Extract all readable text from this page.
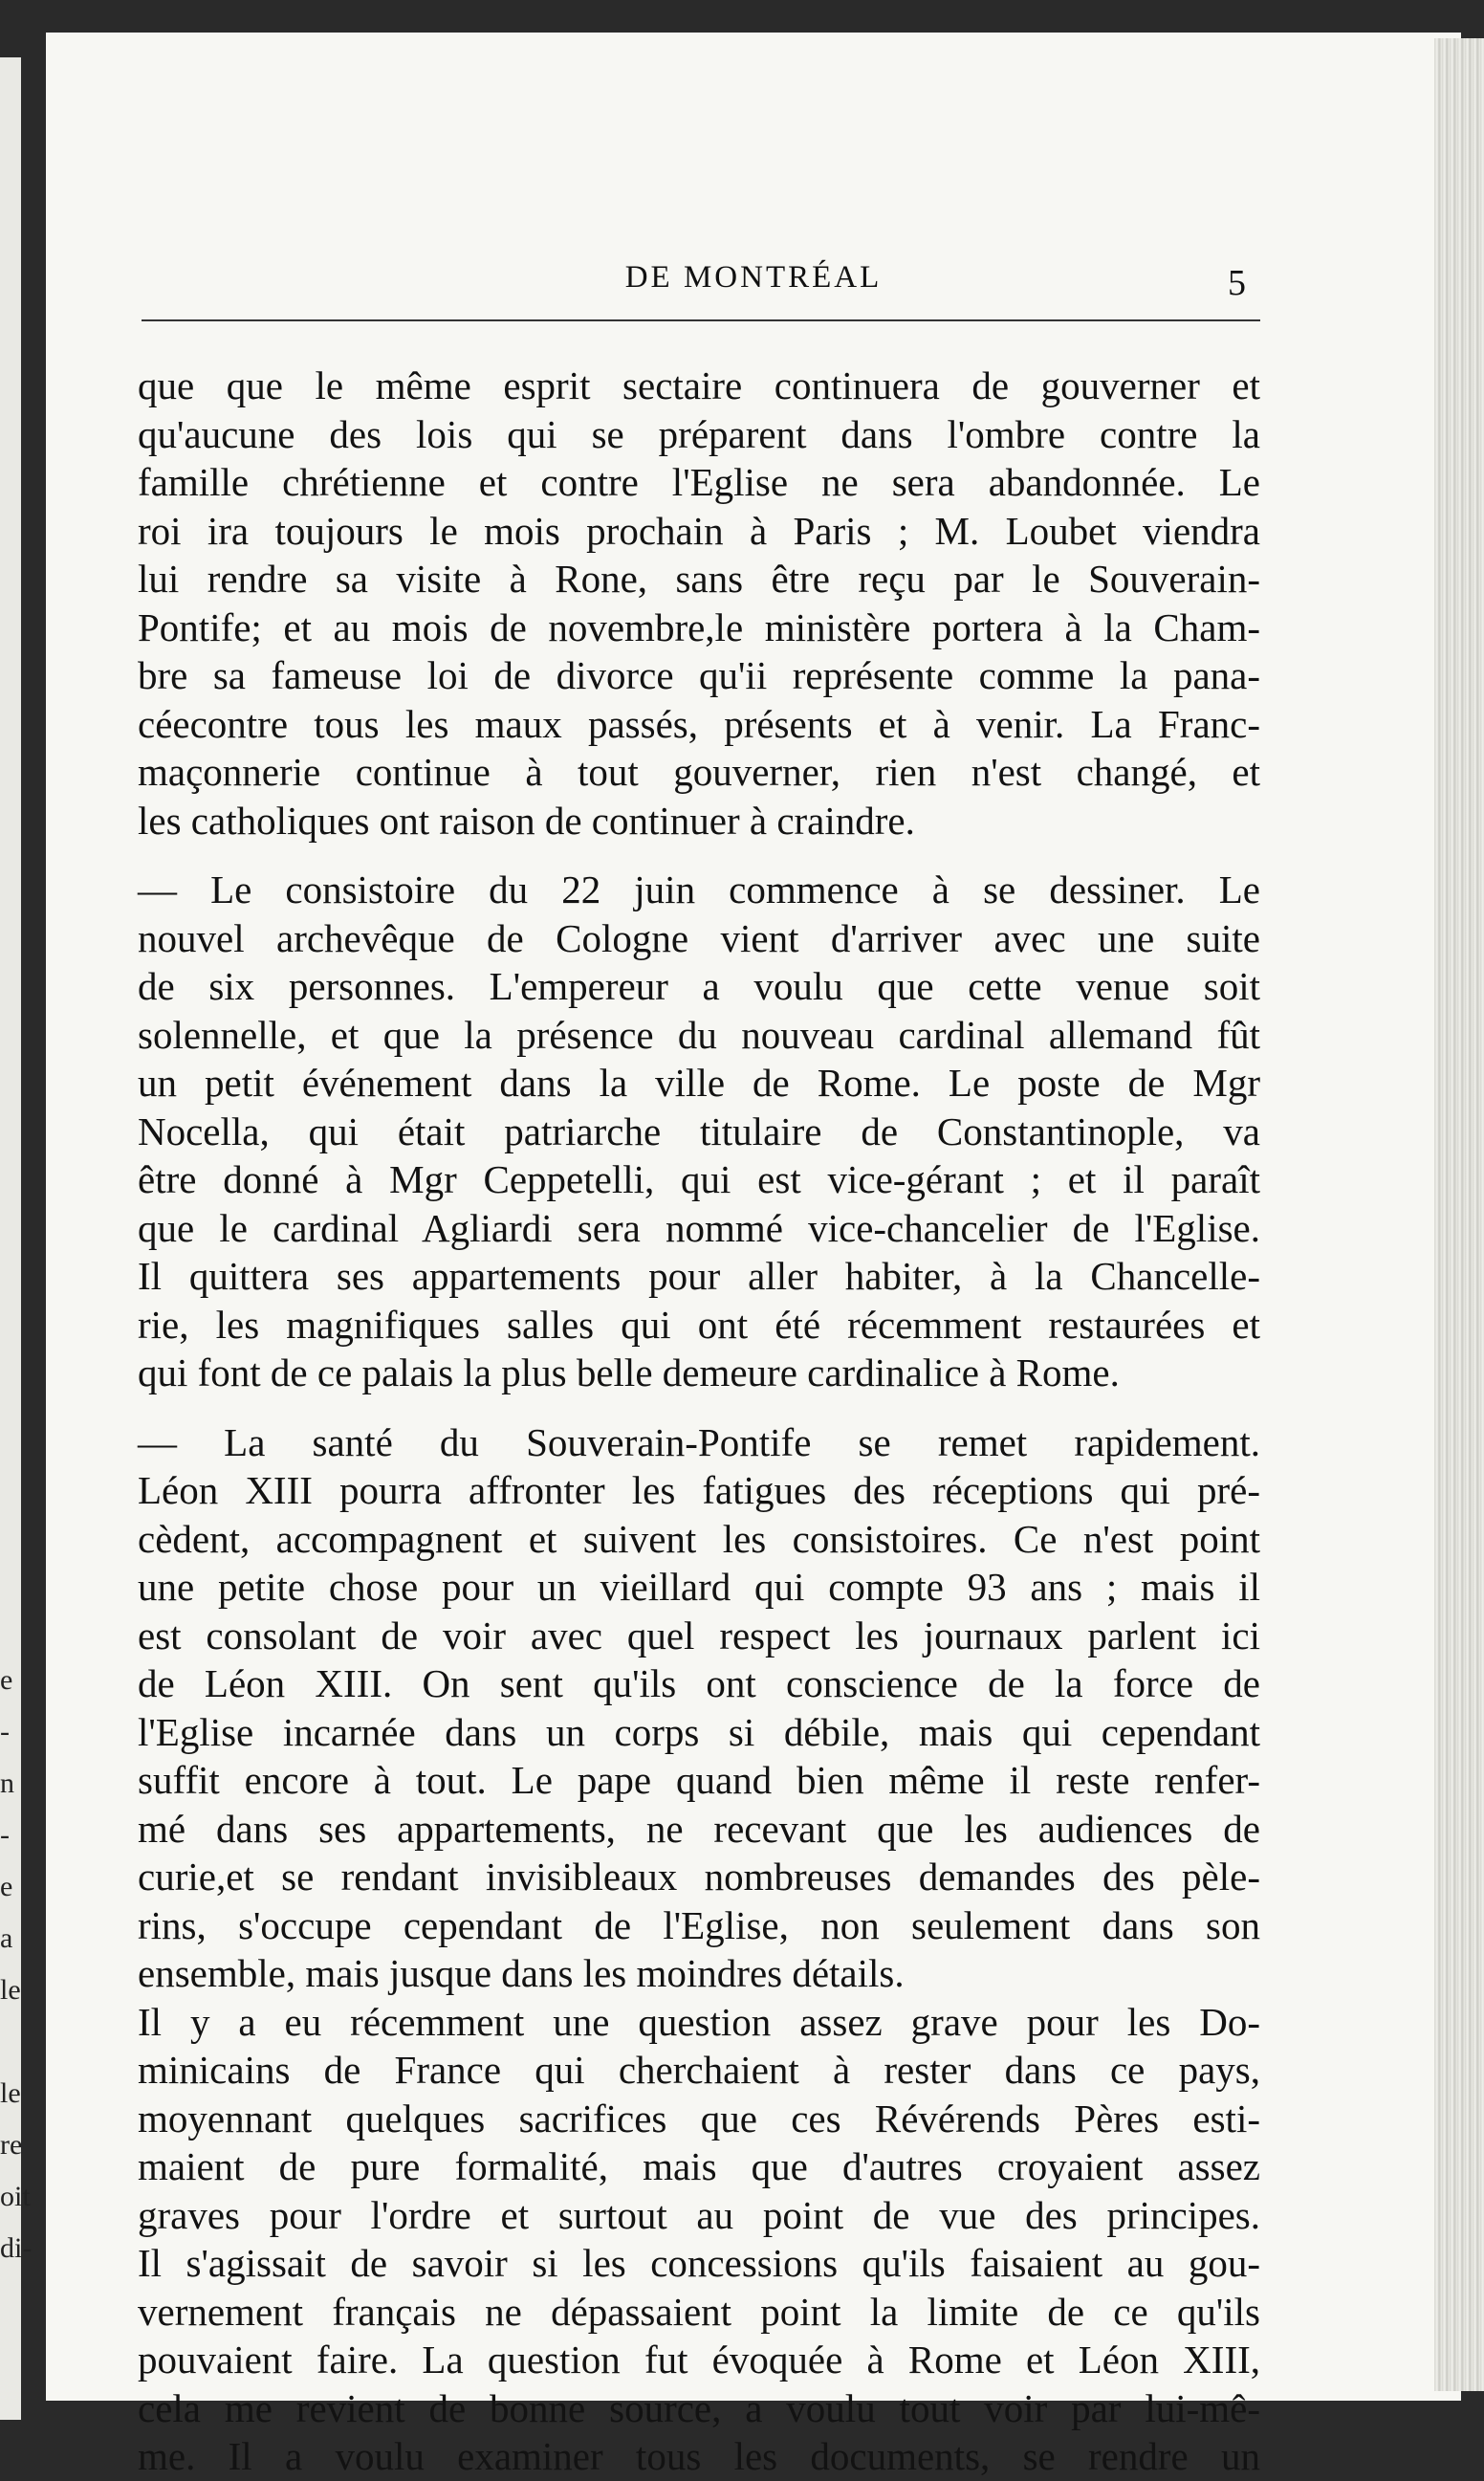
e
-
n
-
e
a
le
le
re
oit
di-
DE MONTRÉAL	5
que que le même esprit sectaire continuera de gouverner et
qu'aucune des lois qui se préparent dans l'ombre contre la
famille chrétienne et contre l'Eglise ne sera abandonnée. Le
roi ira toujours le mois prochain à Paris ; M. Loubet viendra
lui rendre sa visite à Rone, sans être reçu par le Souverain-
Pontife; et au mois de novembre,le ministère portera à la Cham-
bre sa fameuse loi de divorce qu'ii représente comme la pana-
céecontre tous les maux passés, présents et à venir. La Franc-
maçonnerie continue à tout gouverner, rien n'est changé, et
les catholiques ont raison de continuer à craindre.
— Le consistoire du 22 juin commence à se dessiner. Le
nouvel archevêque de Cologne vient d'arriver avec une suite
de six personnes. L'empereur a voulu que cette venue soit
solennelle, et que la présence du nouveau cardinal allemand fût
un petit événement dans la ville de Rome. Le poste de Mgr
Nocella, qui était patriarche titulaire de Constantinople, va
être donné à Mgr Ceppetelli, qui est vice-gérant ; et il paraît
que le cardinal Agliardi sera nommé vice-chancelier de l'Eglise.
Il quittera ses appartements pour aller habiter, à la Chancelle-
rie, les magnifiques salles qui ont été récemment restaurées et
qui font de ce palais la plus belle demeure cardinalice à Rome.
— La santé du Souverain-Pontife se remet rapidement.
Léon XIII pourra affronter les fatigues des réceptions qui pré-
cèdent, accompagnent et suivent les consistoires. Ce n'est point
une petite chose pour un vieillard qui compte 93 ans ; mais il
est consolant de voir avec quel respect les journaux parlent ici
de Léon XIII. On sent qu'ils ont conscience de la force de
l'Eglise incarnée dans un corps si débile, mais qui cependant
suffit encore à tout. Le pape quand bien même il reste renfer-
mé dans ses appartements, ne recevant que les audiences de
curie,et se rendant invisibleaux nombreuses demandes des pèle-
rins, s'occupe cependant de l'Eglise, non seulement dans son
ensemble, mais jusque dans les moindres détails.
Il y a eu récemment une question assez grave pour les Do-
minicains de France qui cherchaient à rester dans ce pays,
moyennant quelques sacrifices que ces Révérends Pères esti-
maient de pure formalité, mais que d'autres croyaient assez
graves pour l'ordre et surtout au point de vue des principes.
Il s'agissait de savoir si les concessions qu'ils faisaient au gou-
vernement français ne dépassaient point la limite de ce qu'ils
pouvaient faire. La question fut évoquée à Rome et Léon XIII,
cela me revient de bonne source, a voulu tout voir par lui-mê-
me. Il a voulu examiner tous les documents, se rendre un
